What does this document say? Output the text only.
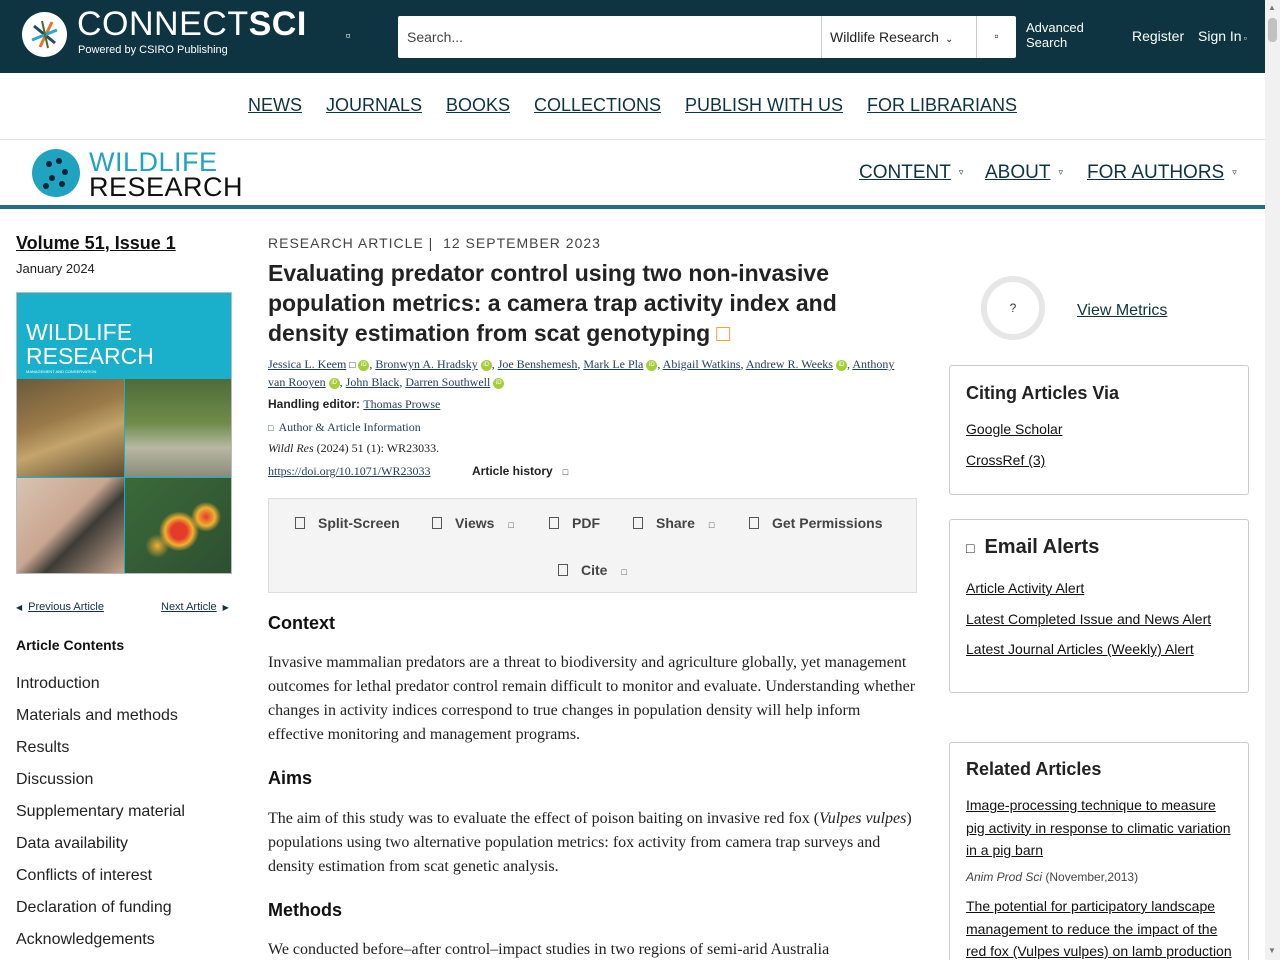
CONNECTSCI
Powered by CSIRO Publishing
▫
Search...	Wildlife Research ⌄	▫
Advanced Search	Register Sign In ▫
NEWS JOURNALS BOOKS COLLECTIONS PUBLISH WITH US FOR LIBRARIANS
WILDLIFE
RESEARCH	CONTENT ▿ ABOUT ▿ FOR AUTHORS ▿
Volume 51, Issue 1
January 2024
WILDLIFE
RESEARCH
MANAGEMENT AND CONSERVATION
◀ Previous Article	Next Article ▶
Article Contents
Introduction
Materials and methods
Results
Discussion
Supplementary material
Data availability
Conflicts of interest
Declaration of funding
Acknowledgements
RESEARCH ARTICLE |  12 SEPTEMBER 2023
Evaluating predator control using two non-invasive population metrics: a camera trap activity index and density estimation from scat genotyping □
Jessica L. Keem □ iD , Bronwyn A. Hradsky iD , Joe Benshemesh, Mark Le Pla iD , Abigail Watkins, Andrew R. Weeks iD , Anthony van Rooyen iD , John Black, Darren Southwell iD
Handling editor: Thomas Prowse
□ Author & Article Information
Wildl Res (2024) 51 (1): WR23033.
https://doi.org/10.1071/WR23033	Article history □
Split-Screen	Views □	PDF	Share □	Get Permissions
Cite □
Context
Invasive mammalian predators are a threat to biodiversity and agriculture globally, yet management outcomes for lethal predator control remain difficult to monitor and evaluate. Understanding whether changes in activity indices correspond to true changes in population density will help inform effective monitoring and management programs.
Aims
The aim of this study was to evaluate the effect of poison baiting on invasive red fox (Vulpes vulpes) populations using two alternative population metrics: fox activity from camera trap surveys and density estimation from scat genetic analysis.
Methods
We conducted before–after control–impact studies in two regions of semi-arid Australia
?	View Metrics
Citing Articles Via
Google Scholar
CrossRef (3)
□ Email Alerts
Article Activity Alert
Latest Completed Issue and News Alert
Latest Journal Articles (Weekly) Alert
Related Articles
Image-processing technique to measure pig activity in response to climatic variation in a pig barn
Anim Prod Sci (November,2013)
The potential for participatory landscape management to reduce the impact of the red fox (Vulpes vulpes) on lamb production
▲
▼
